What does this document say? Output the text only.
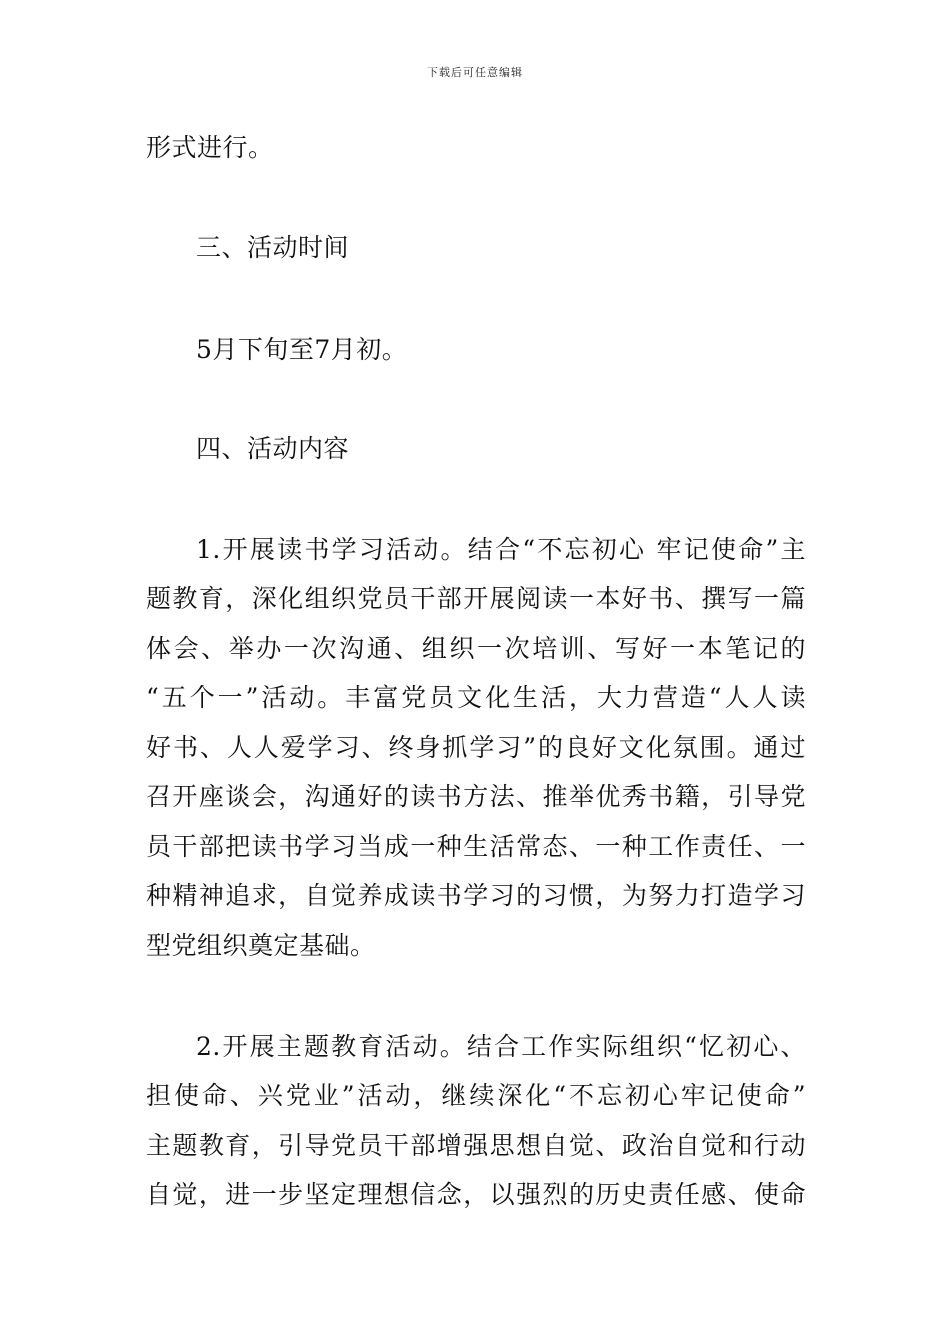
下载后可任意编辑
形式进行。
三、活动时间
5月下旬至7月初。
四、活动内容
1.开展读书学习活动。结合“不忘初心 牢记使命”主
题教育，深化组织党员干部开展阅读一本好书、撰写一篇
体会、举办一次沟通、组织一次培训、写好一本笔记的
“五个一”活动。丰富党员文化生活，大力营造“人人读
好书、人人爱学习、终身抓学习”的良好文化氛围。通过
召开座谈会，沟通好的读书方法、推举优秀书籍，引导党
员干部把读书学习当成一种生活常态、一种工作责任、一
种精神追求，自觉养成读书学习的习惯，为努力打造学习
型党组织奠定基础。
2.开展主题教育活动。结合工作实际组织“忆初心、
担使命、兴党业”活动，继续深化“不忘初心牢记使命”
主题教育，引导党员干部增强思想自觉、政治自觉和行动
自觉，进一步坚定理想信念，以强烈的历史责任感、使命
